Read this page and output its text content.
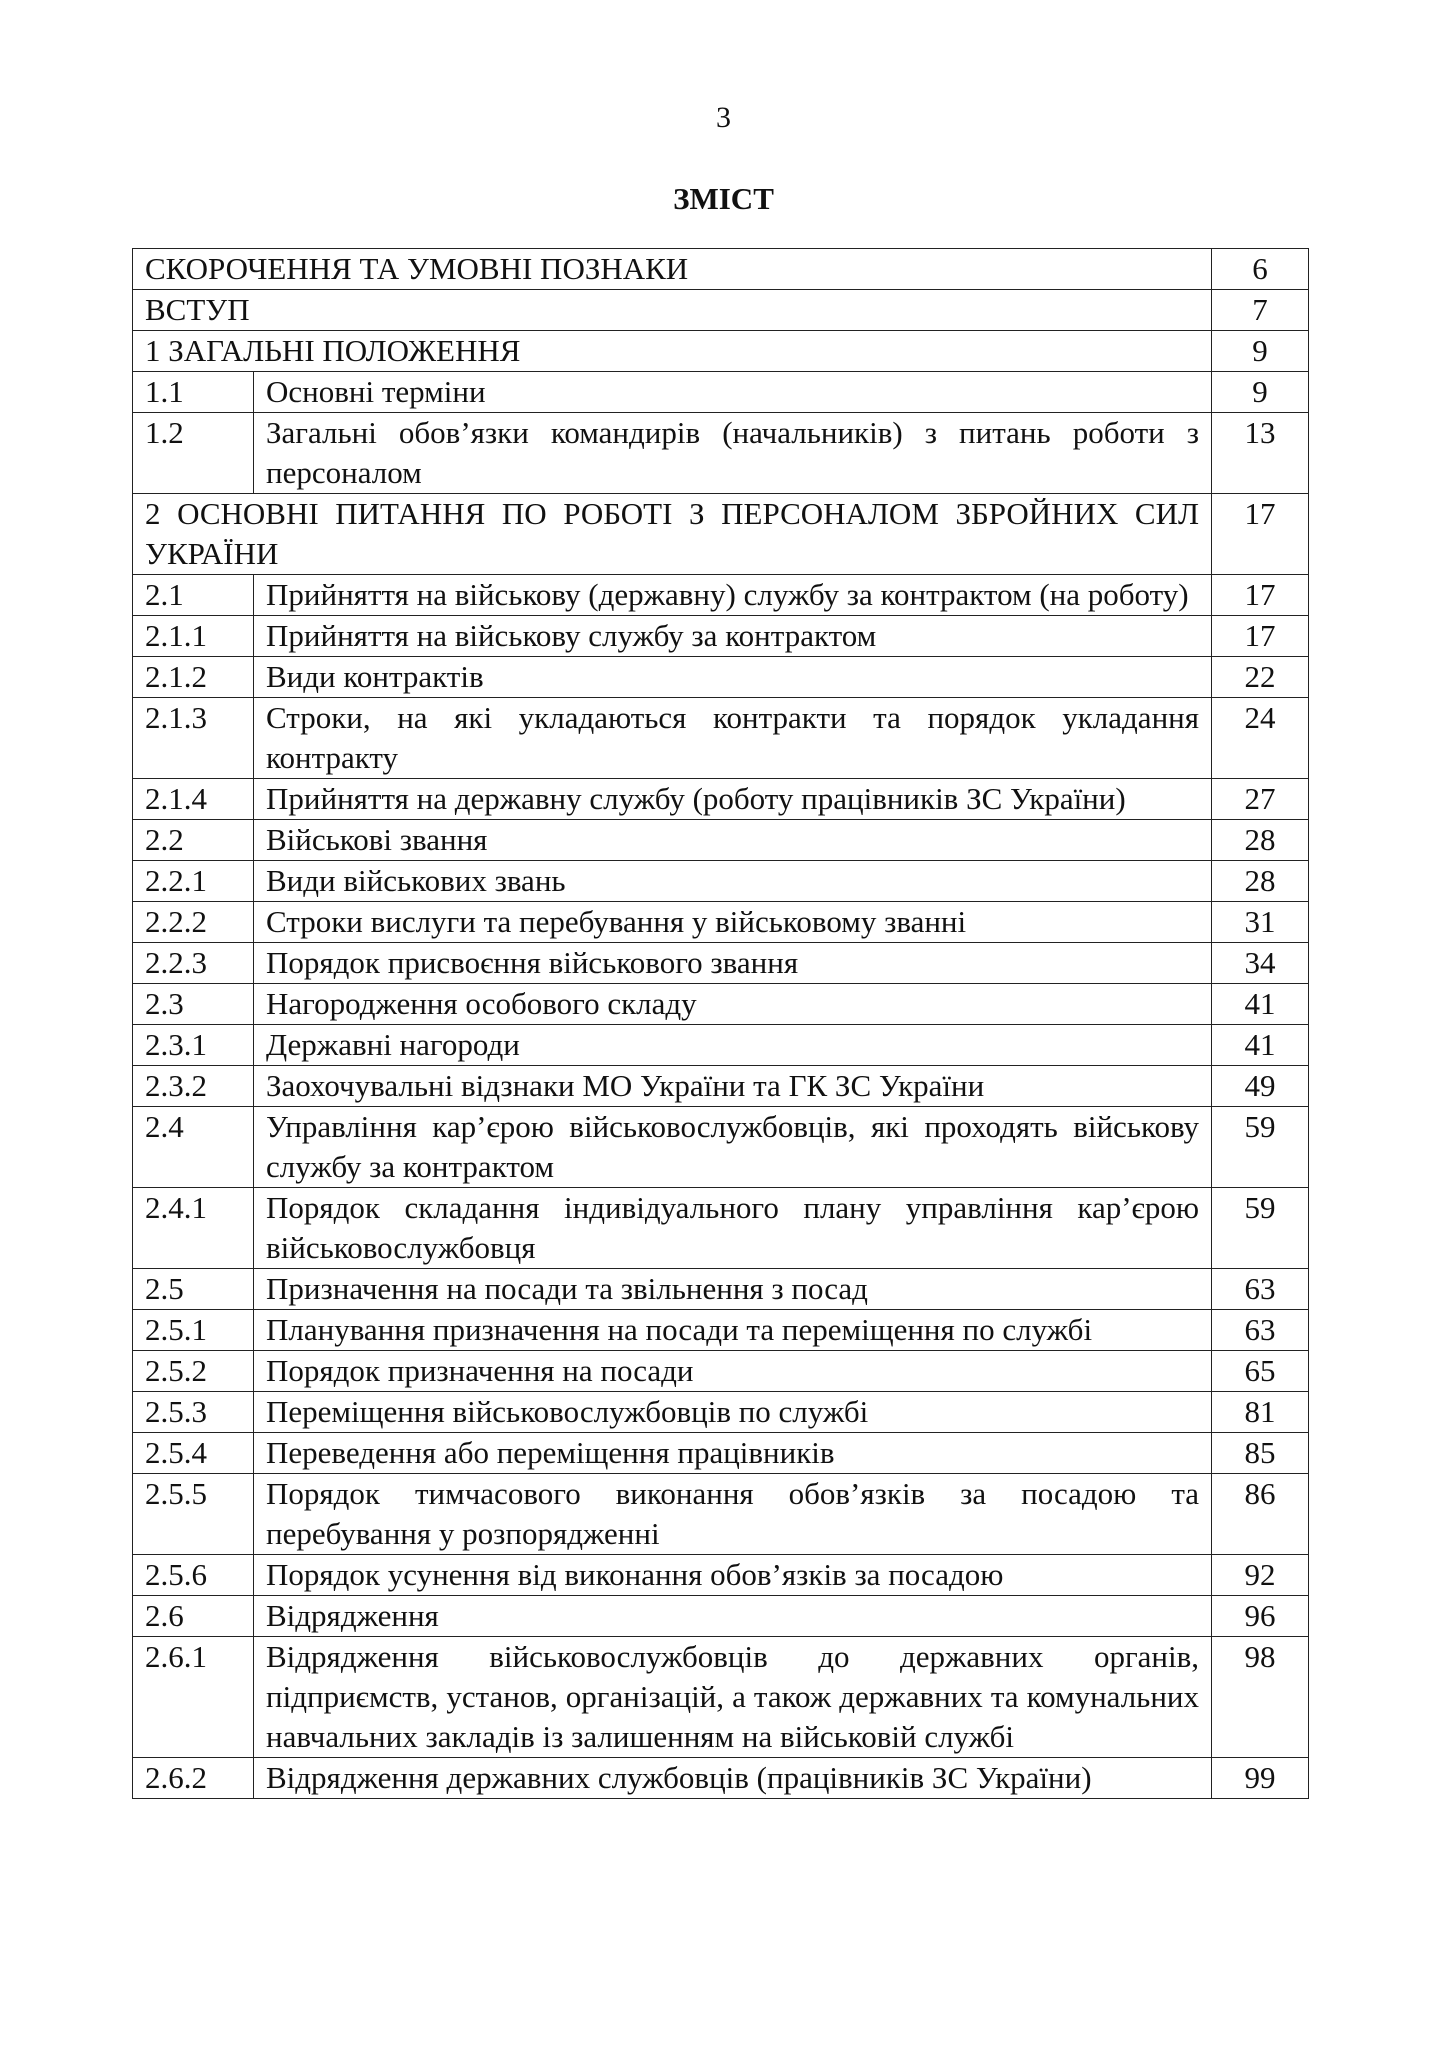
3
ЗМІСТ
СКОРОЧЕННЯ ТА УМОВНІ ПОЗНАКИ		6
ВСТУП		7
1 ЗАГАЛЬНІ ПОЛОЖЕННЯ		9
1.1	Основні терміни	9
1.2	Загальні обов’язки командирів (начальників) з питань роботи з персоналом	13
2 ОСНОВНІ ПИТАННЯ ПО РОБОТІ З ПЕРСОНАЛОМ ЗБРОЙНИХ СИЛ УКРАЇНИ		17
2.1	Прийняття на військову (державну) службу за контрактом (на роботу)	17
2.1.1	Прийняття на військову службу за контрактом	17
2.1.2	Види контрактів	22
2.1.3	Строки, на які укладаються контракти та порядок укладання контракту	24
2.1.4	Прийняття на державну службу (роботу працівників ЗС України)	27
2.2	Військові звання	28
2.2.1	Види військових звань	28
2.2.2	Строки вислуги та перебування у військовому званні	31
2.2.3	Порядок присвоєння військового звання	34
2.3	Нагородження особового складу	41
2.3.1	Державні нагороди	41
2.3.2	Заохочувальні відзнаки МО України та ГК ЗС України	49
2.4	Управління кар’єрою військовослужбовців, які проходять військову службу за контрактом	59
2.4.1	Порядок складання індивідуального плану управління кар’єрою військовослужбовця	59
2.5	Призначення на посади та звільнення з посад	63
2.5.1	Планування призначення на посади та переміщення по службі	63
2.5.2	Порядок призначення на посади	65
2.5.3	Переміщення військовослужбовців по службі	81
2.5.4	Переведення або переміщення працівників	85
2.5.5	Порядок тимчасового виконання обов’язків за посадою та перебування у розпорядженні	86
2.5.6	Порядок усунення від виконання обов’язків за посадою	92
2.6	Відрядження	96
2.6.1	Відрядження військовослужбовців до державних органів, підприємств, установ, організацій, а також державних та комунальних навчальних закладів із залишенням на військовій службі	98
2.6.2	Відрядження державних службовців (працівників ЗС України)	99
